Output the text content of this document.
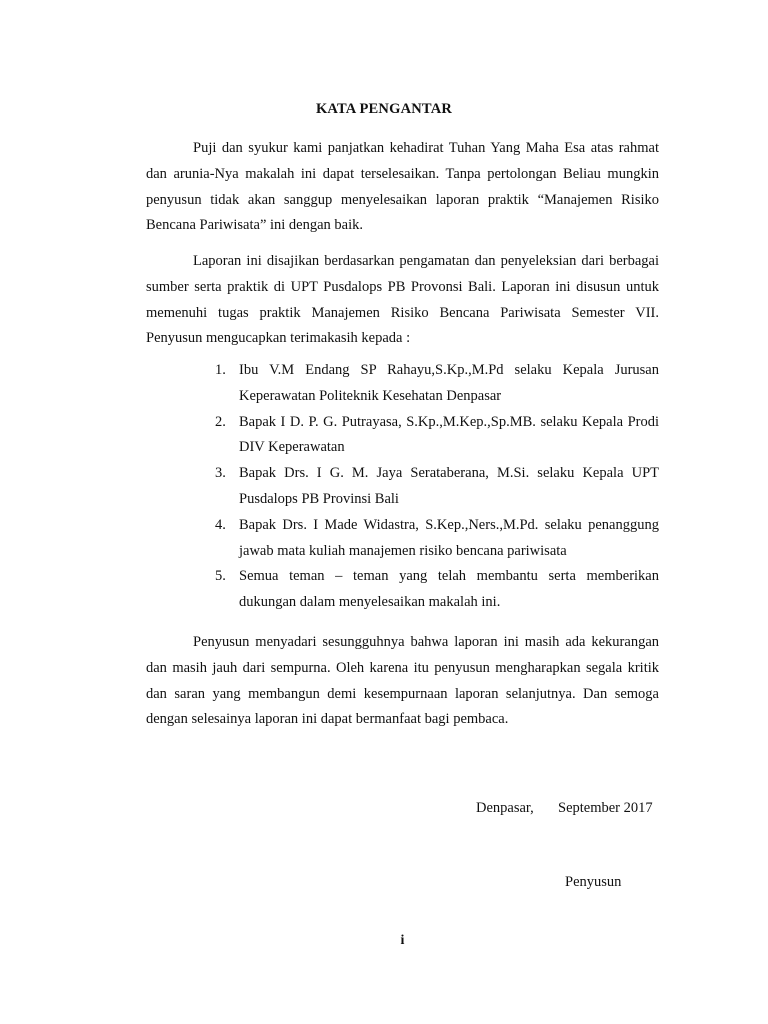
KATA PENGANTAR

Puji dan syukur kami panjatkan kehadirat Tuhan Yang Maha Esa atas rahmat dan arunia-Nya makalah ini dapat terselesaikan. Tanpa pertolongan Beliau mungkin penyusun tidak akan sanggup menyelesaikan laporan praktik “Manajemen Risiko Bencana Pariwisata” ini dengan baik.

Laporan ini disajikan berdasarkan pengamatan dan penyeleksian dari berbagai sumber serta praktik di UPT Pusdalops PB Provonsi Bali. Laporan ini disusun untuk memenuhi tugas praktik Manajemen Risiko Bencana Pariwisata Semester VII. Penyusun mengucapkan terimakasih kepada :

1. Ibu V.M Endang SP Rahayu,S.Kp.,M.Pd selaku Kepala Jurusan Keperawatan Politeknik Kesehatan Denpasar
2. Bapak I D. P. G. Putrayasa, S.Kp.,M.Kep.,Sp.MB. selaku Kepala Prodi DIV Keperawatan
3. Bapak Drs. I G. M. Jaya Serataberana, M.Si. selaku Kepala UPT Pusdalops PB Provinsi Bali
4. Bapak Drs. I Made Widastra, S.Kep.,Ners.,M.Pd. selaku penanggung jawab mata kuliah manajemen risiko bencana pariwisata
5. Semua teman – teman yang telah membantu serta memberikan dukungan dalam menyelesaikan makalah ini.

Penyusun menyadari sesungguhnya bahwa laporan ini masih ada kekurangan dan masih jauh dari sempurna. Oleh karena itu penyusun mengharapkan segala kritik dan saran yang membangun demi kesempurnaan laporan selanjutnya. Dan semoga dengan selesainya laporan ini dapat bermanfaat bagi pembaca.

Denpasar, September 2017
Penyusun
i
